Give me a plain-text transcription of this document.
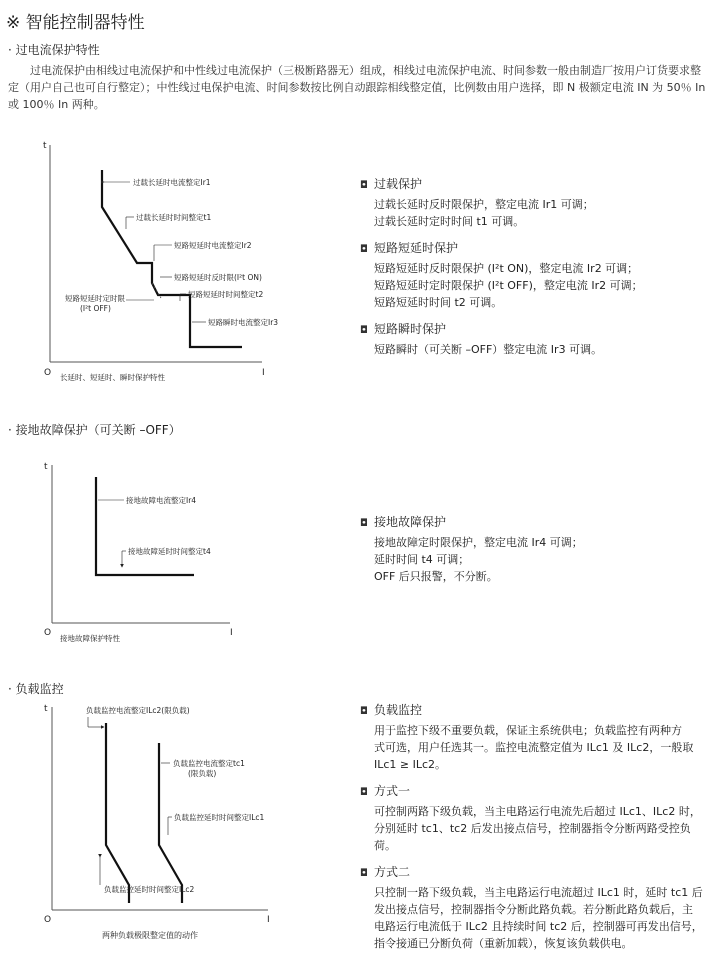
※ 智能控制器特性
· 过电流保护特性

过电流保护由相线过电流保护和中性线过电流保护（三极断路器无）组成，相线过电流保护电流、时间参数一般由制造厂按用户订货要求整定（用户自己也可自行整定）；中性线过电保护电流、时间参数按比例自动跟踪相线整定值，比例数由用户选择，即 N 极额定电流 IN 为 50％ In 或 100％ In 两种。

t
I
O
过载长延时电流整定Ir1
过载长延时时间整定t1
短路短延时电流整定Ir2
短路短延时反时限(I²t ON)
短路短延时时间整定t2
短路短延时定时限
(I²t OFF)
短路瞬时电流整定Ir3
长延时、短延时、瞬时保护特性
◘ 过载保护
过载长延时反时限保护，整定电流 Ir1 可调；
过载长延时定时时间 t1 可调。
◘ 短路短延时保护
短路短延时反时限保护 (I²t ON)，整定电流 Ir2 可调；
短路短延时定时限保护 (I²t OFF)，整定电流 Ir2 可调；
短路短延时时间 t2 可调。
◘ 短路瞬时保护
短路瞬时（可关断 –OFF）整定电流 Ir3 可调。
· 接地故障保护（可关断 –OFF）
t
I
O
接地故障电流整定Ir4
接地故障延时时间整定t4
接地故障保护特性
◘ 接地故障保护
接地故障定时限保护，整定电流 Ir4 可调；
延时时间 t4 可调；
OFF 后只报警，不分断。
· 负载监控
t
I
O
负载监控电流整定ILc2(限负载)
负载监控电流整定tc1
(限负载)
负载监控延时时间整定ILc1
负载监控延时时间整定ILc2
两种负载极限整定值的动作
◘ 负载监控
用于监控下级不重要负载，保证主系统供电；负载监控有两种方
式可选，用户任选其一。监控电流整定值为 ILc1 及 ILc2，一般取
ILc1 ≥ ILc2。
◘ 方式一
可控制两路下级负载，当主电路运行电流先后超过 ILc1、ILc2 时，
分别延时 tc1、tc2 后发出接点信号，控制器指令分断两路受控负荷。
◘ 方式二
只控制一路下级负载，当主电路运行电流超过 ILc1 时，延时 tc1 后
发出接点信号，控制器指令分断此路负载。若分断此路负载后，主
电路运行电流低于 ILc2 且持续时间 tc2 后，控制器可再发出信号，
指令接通已分断负荷（重新加载），恢复该负载供电。
